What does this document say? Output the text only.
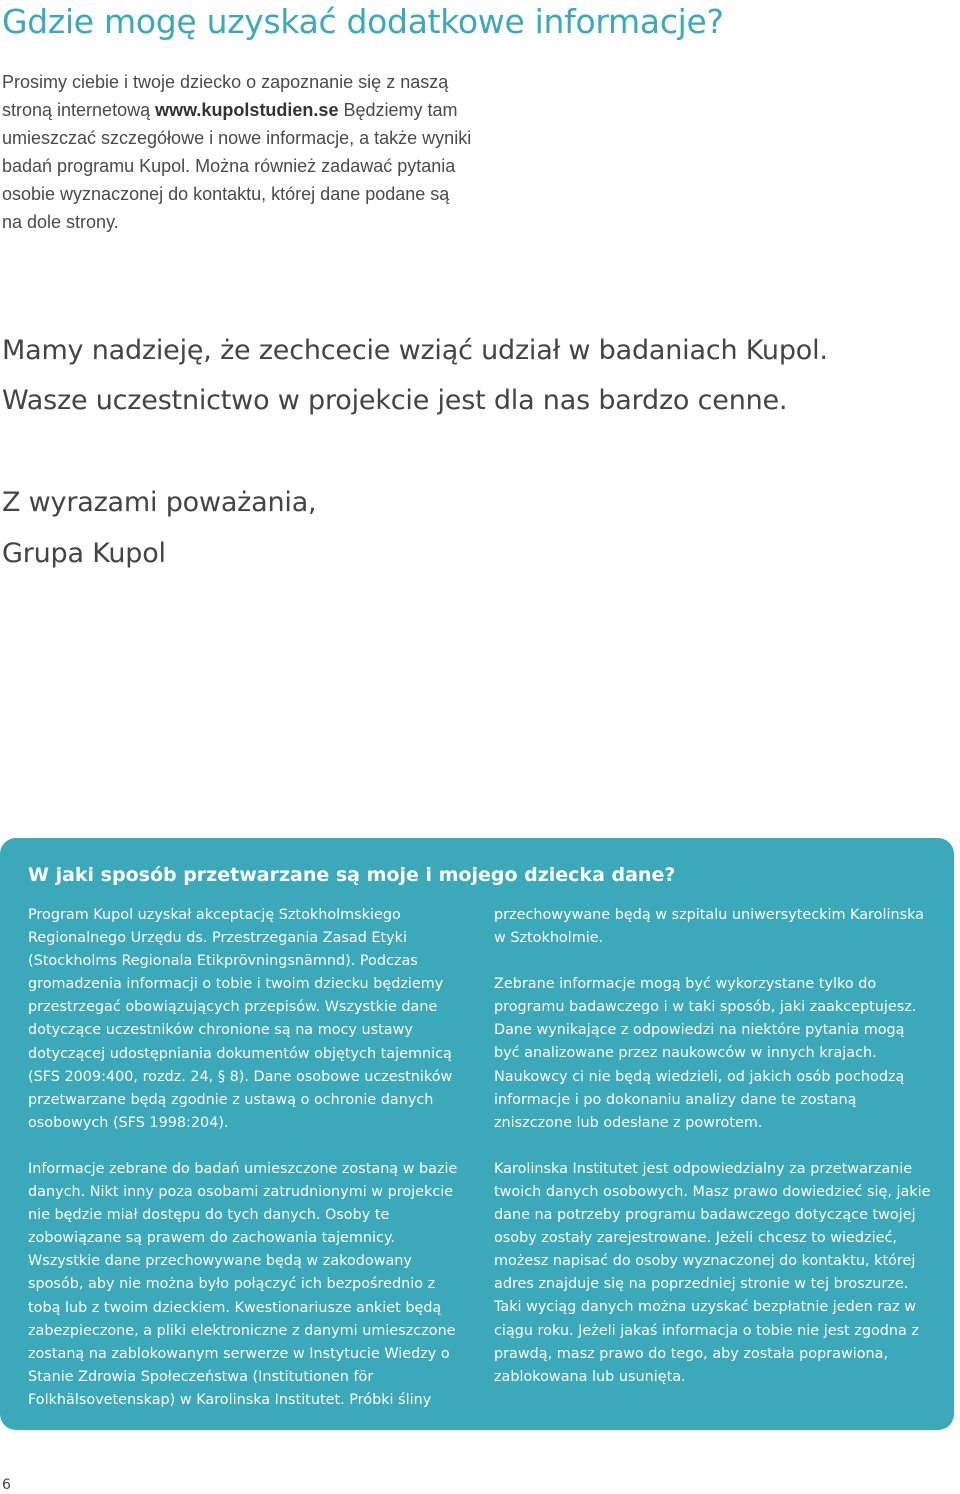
Gdzie mogę uzyskać dodatkowe informacje?

Prosimy ciebie i twoje dziecko o zapoznanie się z naszą stroną internetową www.kupolstudien.se Będziemy tam umieszczać szczegółowe i nowe informacje, a także wyniki badań programu Kupol. Można również zadawać pytania osobie wyznaczonej do kontaktu, której dane podane są na dole strony.

Mamy nadzieję, że zechcecie wziąć udział w badaniach Kupol.
Wasze uczestnictwo w projekcie jest dla nas bardzo cenne.
Z wyrazami poważania,
Grupa Kupol
W jaki sposób przetwarzane są moje i mojego dziecka dane?

Program Kupol uzyskał akceptację Sztokholmskiego Regionalnego Urzędu ds. Przestrzegania Zasad Etyki (Stockholms Regionala Etikprövningsnämnd). Podczas gromadzenia informacji o tobie i twoim dziecku będziemy przestrzegać obowiązujących przepisów. Wszystkie dane dotyczące uczestników chronione są na mocy ustawy dotyczącej udostępniania dokumentów objętych tajemnicą (SFS 2009:400, rozdz. 24, § 8). Dane osobowe uczestników przetwarzane będą zgodnie z ustawą o ochronie danych osobowych (SFS 1998:204).

Informacje zebrane do badań umieszczone zostaną w bazie danych. Nikt inny poza osobami zatrudnionymi w projekcie nie będzie miał dostępu do tych danych. Osoby te zobowiązane są prawem do zachowania tajemnicy. Wszystkie dane przechowywane będą w zakodowany sposób, aby nie można było połączyć ich bezpośrednio z tobą lub z twoim dzieckiem. Kwestionariusze ankiet będą zabezpieczone, a pliki elektroniczne z danymi umieszczone zostaną na zablokowanym serwerze w Instytucie Wiedzy o Stanie Zdrowia Społeczeństwa (Institutionen för Folkhälsovetenskap) w Karolinska Institutet. Próbki śliny

przechowywane będą w szpitalu uniwersyteckim Karolinska w Sztokholmie.

Zebrane informacje mogą być wykorzystane tylko do programu badawczego i w taki sposób, jaki zaakceptujesz. Dane wynikające z odpowiedzi na niektóre pytania mogą być analizowane przez naukowców w innych krajach. Naukowcy ci nie będą wiedzieli, od jakich osób pochodzą informacje i po dokonaniu analizy dane te zostaną zniszczone lub odesłane z powrotem.

Karolinska Institutet jest odpowiedzialny za przetwarzanie twoich danych osobowych. Masz prawo dowiedzieć się, jakie dane na potrzeby programu badawczego dotyczące twojej osoby zostały zarejestrowane. Jeżeli chcesz to wiedzieć, możesz napisać do osoby wyznaczonej do kontaktu, której adres znajduje się na poprzedniej stronie w tej broszurze. Taki wyciąg danych można uzyskać bezpłatnie jeden raz w ciągu roku. Jeżeli jakaś informacja o tobie nie jest zgodna z prawdą, masz prawo do tego, aby została poprawiona, zablokowana lub usunięta.

6
